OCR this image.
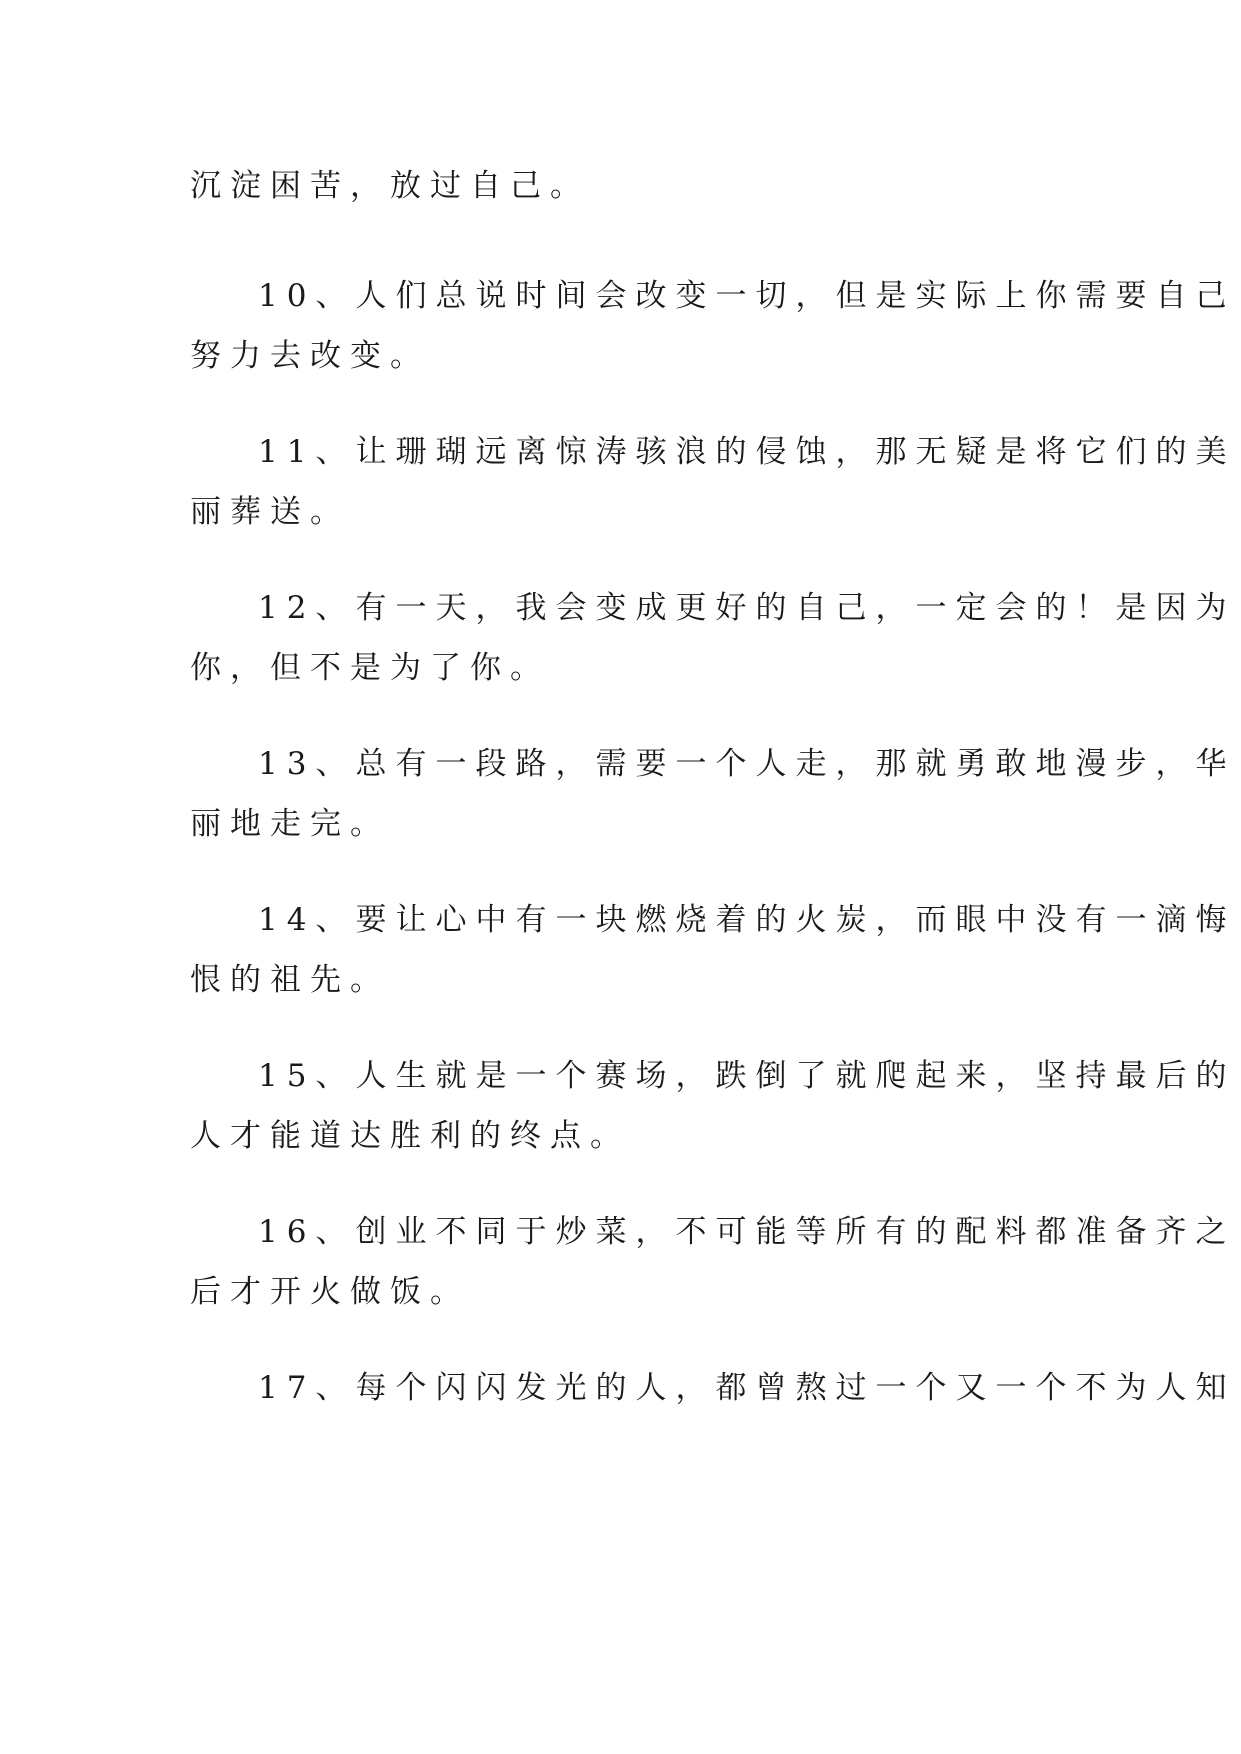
沉淀困苦，放过自己。

10、人们总说时间会改变一切，但是实际上你需要自己
努力去改变。

11、让珊瑚远离惊涛骇浪的侵蚀，那无疑是将它们的美
丽葬送。

12、有一天，我会变成更好的自己，一定会的！是因为
你，但不是为了你。

13、总有一段路，需要一个人走，那就勇敢地漫步，华
丽地走完。

14、要让心中有一块燃烧着的火炭，而眼中没有一滴悔
恨的祖先。

15、人生就是一个赛场，跌倒了就爬起来，坚持最后的
人才能道达胜利的终点。

16、创业不同于炒菜，不可能等所有的配料都准备齐之
后才开火做饭。

17、每个闪闪发光的人，都曾熬过一个又一个不为人知
